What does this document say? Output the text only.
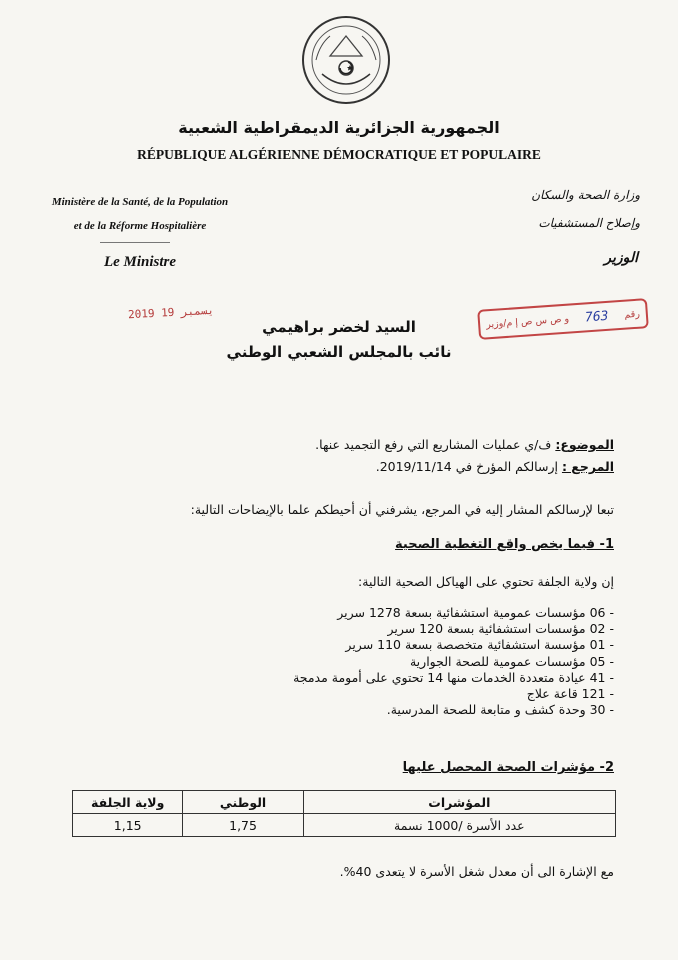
الجمهورية الجزائرية الديمقراطية الشعبية
RÉPUBLIQUE ALGÉRIENNE DÉMOCRATIQUE ET POPULAIRE
Ministère de la Santé, de la Population
et de la Réforme Hospitalière
Le Ministre
وزارة الصحة والسكان
وإصلاح المستشفيات
الوزير
2019 يسمبر 19	رقم
763
و ص س ص إ م/وزير
السيد لخضر براهيمي
نائب بالمجلس الشعبي الوطني
الموضوع: ف/ي عمليات المشاريع التي رفع التجميد عنها.
المرجع : إرسالكم المؤرخ في 2019/11/14.
تبعا لإرسالكم المشار إليه في المرجع، يشرفني أن أحيطكم علما بالإيضاحات التالية:
1- فيما يخص واقع التغطية الصحية
إن ولاية الجلفة تحتوي على الهياكل الصحية التالية:
- 06 مؤسسات عمومية استشفائية بسعة 1278 سرير
- 02 مؤسسات استشفائية بسعة 120 سرير
- 01 مؤسسة استشفائية متخصصة بسعة 110 سرير
- 05 مؤسسات عمومية للصحة الجوارية
- 41 عيادة متعددة الخدمات منها 14 تحتوي على أمومة مدمجة
- 121 قاعة علاج
- 30 وحدة كشف و متابعة للصحة المدرسية.
2- مؤشرات الصحة المحصل عليها
المؤشرات	الوطني	ولاية الجلفة
عدد الأسرة /1000 نسمة	1,75	1,15
مع الإشارة الى أن معدل شغل الأسرة لا يتعدى 40%.
